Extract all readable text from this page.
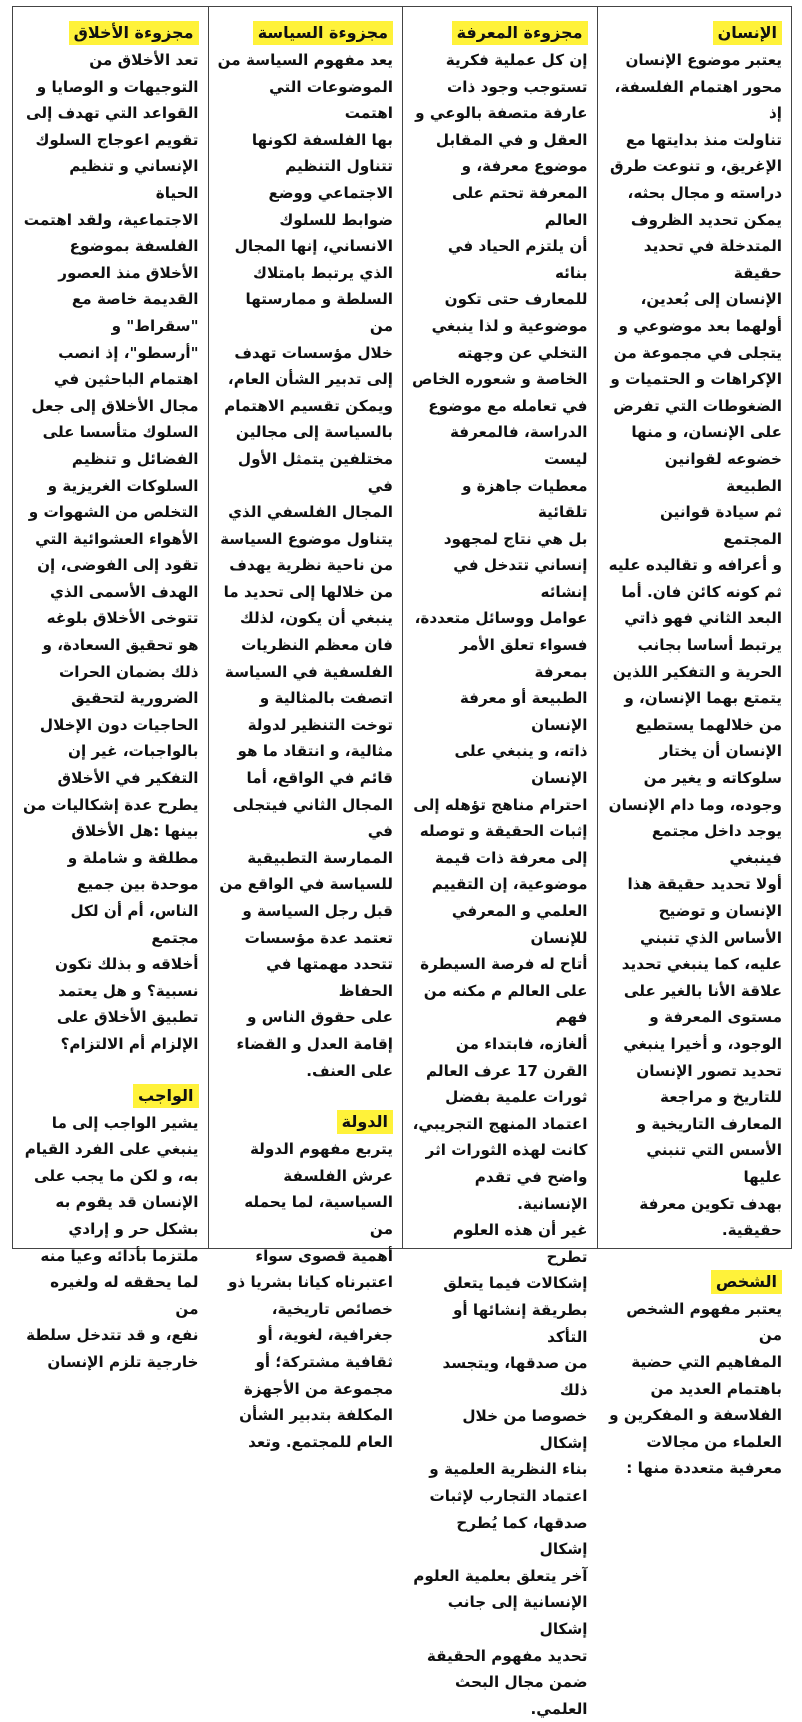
الإنسان

يعتبر موضوع الإنسان
محور اهتمام الفلسفة، إذ
تناولت منذ بدايتها مع
الإغريق، و تنوعت طرق
دراسته و مجال بحثه،
يمكن تحديد الظروف
المتدخلة في تحديد حقيقة
الإنسان إلى بُعدين،
أولهما بعد موضوعي و
يتجلى في مجموعة من
الإكراهات و الحتميات و
الضغوطات التي تفرض
على الإنسان، و منها
خضوعه لقوانين الطبيعة
ثم سيادة قوانين المجتمع
و أعرافه و تقاليده عليه
ثم كونه كائن فان. أما
البعد الثاني فهو ذاتي
يرتبط أساسا بجانب
الحرية و التفكير اللذين
يتمتع بهما الإنسان، و
من خلالهما يستطيع
الإنسان أن يختار
سلوكاته و يغير من
وجوده، وما دام الإنسان
يوجد داخل مجتمع فينبغي
أولا تحديد حقيقة هذا
الإنسان و توضيح
الأساس الذي تنبني
عليه، كما ينبغي تحديد
علاقة الأنا بالغير على
مستوى المعرفة و
الوجود، و أخيرا ينبغي
تحديد تصور الإنسان
للتاريخ و مراجعة
المعارف التاريخية و
الأسس التي تنبني عليها
بهدف تكوين معرفة
حقيقية.

الشخص

يعتبر مفهوم الشخص من
المفاهيم التي حضية
باهتمام العديد من
الفلاسفة و المفكرين و
العلماء من مجالات
معرفية متعددة منها :

مجزوءة المعرفة

إن كل عملية فكرية
تستوجب وجود ذات
عارفة متصفة بالوعي و
العقل و في المقابل
موضوع معرفة، و
المعرفة تحتم على العالم
أن يلتزم الحياد في بنائه
للمعارف حتى تكون
موضوعية و لذا ينبغي
التخلي عن وجهته
الخاصة و شعوره الخاص
في تعامله مع موضوع
الدراسة، فالمعرفة ليست
معطيات جاهزة و تلقائية
بل هي نتاج لمجهود
إنساني تتدخل في إنشائه
عوامل ووسائل متعددة،
فسواء تعلق الأمر بمعرفة
الطبيعة أو معرفة الإنسان
ذاته، و ينبغي على الإنسان
احترام مناهج تؤهله إلى
إثبات الحقيقة و توصله
إلى معرفة ذات قيمة
موضوعية، إن التقييم
العلمي و المعرفي للإنسان
أتاح له فرصة السيطرة
على العالم م مكنه من فهم
ألغازه، فابتداء من
القرن 17 عرف العالم
ثورات علمية بفضل
اعتماد المنهج التجريبي،
كانت لهذه الثورات اثر
واضح في تقدم الإنسانية.
غير أن هذه العلوم تطرح
إشكالات فيما يتعلق
بطريقة إنشائها أو التأكد
من صدقها، ويتجسد ذلك
خصوصا من خلال إشكال
بناء النظرية العلمية و
اعتماد التجارب لإثبات
صدقها، كما يُطرح إشكال
آخر يتعلق بعلمية العلوم
الإنسانية إلى جانب إشكال
تحديد مفهوم الحقيقة
ضمن مجال البحث
العلمي.

مجزوءة السياسة

يعد مفهوم السياسة من
الموضوعات التي اهتمت
بها الفلسفة لكونها
تتناول التنظيم
الاجتماعي ووضع
ضوابط للسلوك
الانساني، إنها المجال
الذي يرتبط بامتلاك
السلطة و ممارستها من
خلال مؤسسات تهدف
إلى تدبير الشأن العام،
ويمكن تقسيم الاهتمام
بالسياسة إلى مجالين
مختلفين يتمثل الأول في
المجال الفلسفي الذي
يتناول موضوع السياسة
من ناحية نظرية يهدف
من خلالها إلى تحديد ما
ينبغي أن يكون، لذلك
فان معظم النظريات
الفلسفية في السياسة
اتصفت بالمثالية و
توخت التنظير لدولة
مثالية، و انتقاد ما هو
قائم في الواقع، أما
المجال الثاني فيتجلى في
الممارسة التطبيقية
للسياسة في الواقع من
قبل رجل السياسة و
تعتمد عدة مؤسسات
تتحدد مهمتها في الحفاظ
على حقوق الناس و
إقامة العدل و القضاء
على العنف.

الدولة

يتربع مفهوم الدولة
عرش الفلسفة
السياسية، لما يحمله من
أهمية قصوى سواء
اعتبرناه كيانا بشريا ذو
خصائص تاريخية،
جغرافية، لغوية، أو
ثقافية مشتركة؛ أو
مجموعة من الأجهزة
المكلفة بتدبير الشأن
العام للمجتمع. وتعد

مجزوءة الأخلاق

تعد الأخلاق من
التوجيهات و الوصايا و
القواعد التي تهدف إلى
تقويم اعوجاج السلوك
الإنساني و تنظيم الحياة
الاجتماعية، ولقد اهتمت
الفلسفة بموضوع
الأخلاق منذ العصور
القديمة خاصة مع
"سقراط" و
"أرسطو"، إذ انصب
اهتمام الباحثين في
مجال الأخلاق إلى جعل
السلوك متأسسا على
الفضائل و تنظيم
السلوكات الغريزية و
التخلص من الشهوات و
الأهواء العشوائية التي
تقود إلى الفوضى، إن
الهدف الأسمى الذي
تتوخى الأخلاق بلوغه
هو تحقيق السعادة، و
ذلك بضمان الحرات
الضرورية لتحقيق
الحاجيات دون الإخلال
بالواجبات، غير إن
التفكير في الأخلاق
يطرح عدة إشكاليات من
بينها :هل الأخلاق
مطلقة و شاملة و
موحدة بين جميع
الناس، أم أن لكل مجتمع
أخلاقه و بذلك تكون
نسبية؟ و هل يعتمد
تطبيق الأخلاق على
الإلزام أم الالتزام؟

الواجب

يشير الواجب إلى ما
ينبغي على الفرد القيام
به، و لكن ما يجب على
الإنسان قد يقوم به
بشكل حر و إرادي
ملتزما بأدائه وعيا منه
لما يحققه له ولغيره من
نفع، و قد تتدخل سلطة
خارجية تلزم الإنسان
